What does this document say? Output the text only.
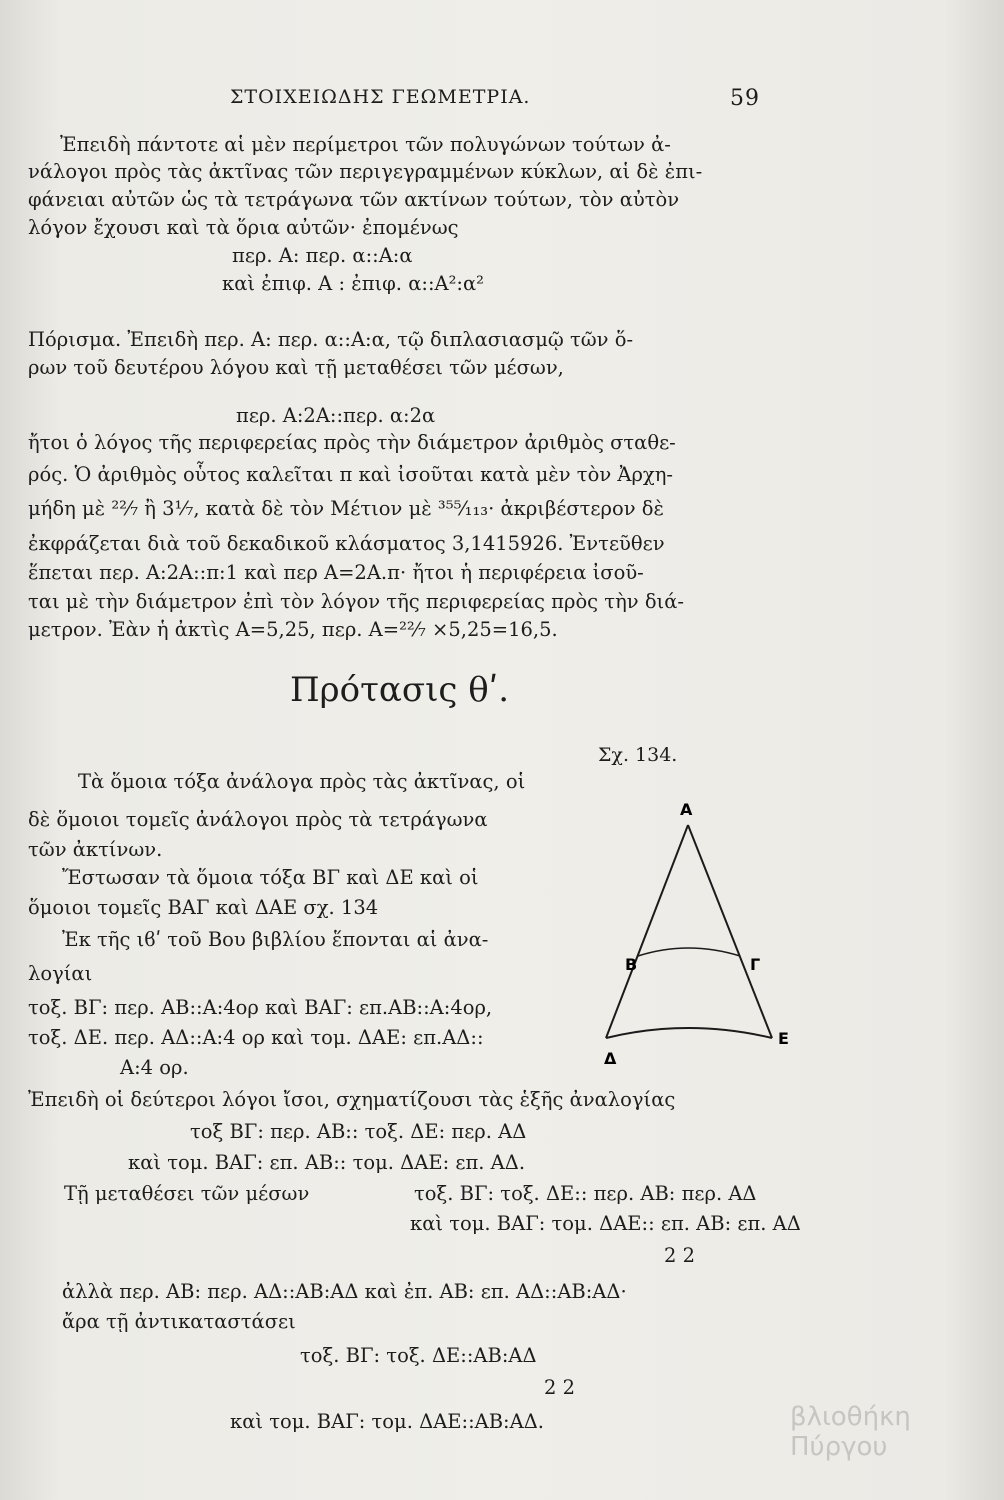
ΣΤΟΙΧΕΙΩΔΗΣ ΓΕΩΜΕΤΡΙΑ.	59
Ἐπειδὴ πάντοτε αἱ μὲν περίμετροι τῶν πολυγώνων τούτων ἀ-
νάλογοι πρὸς τὰς ἀκτῖνας τῶν περιγεγραμμένων κύκλων, αἱ δὲ ἐπι-
φάνειαι αὐτῶν ὡς τὰ τετράγωνα τῶν ακτίνων τούτων, τὸν αὐτὸν
λόγον ἔχουσι καὶ τὰ ὅρια αὐτῶν· ἐπομένως
περ. Α: περ. α::Α:α
καὶ ἐπιφ. Α : ἐπιφ. α::Α²:α²
Πόρισμα. Ἐπειδὴ περ. Α: περ. α::Α:α, τῷ διπλασιασμῷ τῶν ὅ-
ρων τοῦ δευτέρου λόγου καὶ τῇ μεταθέσει τῶν μέσων,
περ. Α:2Α::περ. α:2α
ἤτοι ὁ λόγος τῆς περιφερείας πρὸς τὴν διάμετρον ἀριθμὸς σταθε-
ρός. Ὁ ἀριθμὸς οὗτος καλεῖται π καὶ ἰσοῦται κατὰ μὲν τὸν Ἀρχη-
μήδη μὲ ²²⁄₇ ἢ 3⅐, κατὰ δὲ τὸν Μέτιον μὲ ³⁵⁵⁄₁₁₃· ἀκριβέστερον δὲ
ἐκφράζεται διὰ τοῦ δεκαδικοῦ κλάσματος 3,1415926. Ἐντεῦθεν
ἕπεται περ. Α:2Α::π:1 καὶ περ Α=2Α.π· ἤτοι ἡ περιφέρεια ἰσοῦ-
ται μὲ τὴν διάμετρον ἐπὶ τὸν λόγον τῆς περιφερείας πρὸς τὴν διά-
μετρον. Ἐὰν ἡ ἀκτὶς Α=5,25, περ. Α=²²⁄₇ ×5,25=16,5.
Πρότασις θʹ.
Σχ. 134.
Α
Β	Γ
Δ
Ε
Τὰ ὅμοια τόξα ἀνάλογα πρὸς τὰς ἀκτῖνας, οἱ
δὲ ὅμοιοι τομεῖς ἀνάλογοι πρὸς τὰ τετράγωνα
τῶν ἀκτίνων.
Ἔστωσαν τὰ ὅμοια τόξα ΒΓ καὶ ΔΕ καὶ οἱ
ὅμοιοι τομεῖς ΒΑΓ καὶ ΔΑΕ σχ. 134
Ἐκ τῆς ιϐʹ τοῦ Βου βιβλίου ἕπονται αἱ ἀνα-
λογίαι
τοξ. ΒΓ: περ. ΑΒ::Α:4ορ καὶ ΒΑΓ: επ.ΑΒ::Α:4ορ,
τοξ. ΔΕ. περ. ΑΔ::Α:4 ορ καὶ τομ. ΔΑΕ: επ.ΑΔ::
Α:4 ορ.
Ἐπειδὴ οἱ δεύτεροι λόγοι ἴσοι, σχηματίζουσι τὰς ἑξῆς ἀναλογίας
τοξ ΒΓ: περ. ΑΒ:: τοξ. ΔΕ: περ. ΑΔ
καὶ τομ. ΒΑΓ: επ. ΑΒ:: τομ. ΔΑΕ: επ. ΑΔ.
Τῇ μεταθέσει τῶν μέσων	τοξ. ΒΓ: τοξ. ΔΕ:: περ. ΑΒ: περ. ΑΔ
καὶ τομ. ΒΑΓ: τομ. ΔΑΕ:: επ. ΑΒ: επ. ΑΔ
2 2
ἀλλὰ περ. ΑΒ: περ. ΑΔ::ΑΒ:ΑΔ καὶ ἐπ. ΑΒ: επ. ΑΔ::ΑΒ:ΑΔ·
ἄρα τῇ ἀντικαταστάσει
τοξ. ΒΓ: τοξ. ΔΕ::ΑΒ:ΑΔ
2 2
καὶ τομ. ΒΑΓ: τομ. ΔΑΕ::ΑΒ:ΑΔ.	βλιοθήκη Πύργου
